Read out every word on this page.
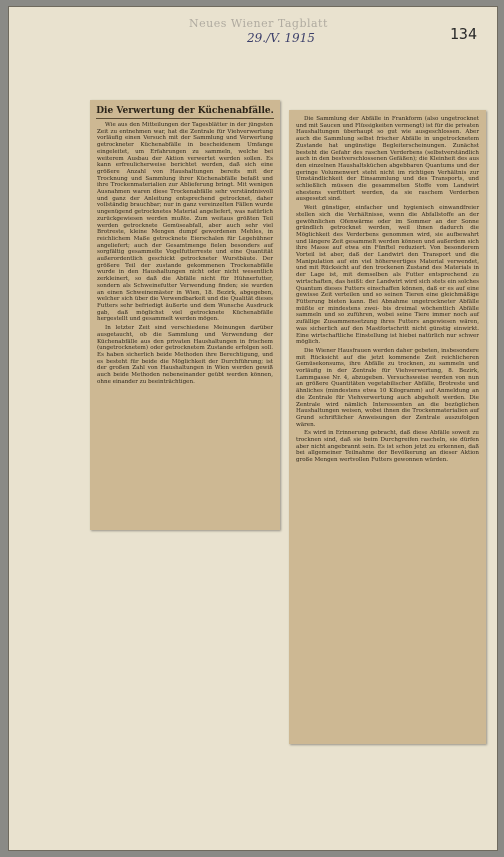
Neues Wiener Tagblatt
29./V. 1915	134
Die Verwertung der Küchenabfälle.

Wie aus den Mitteilungen der Tagesblätter in der jüngsten Zeit zu entnehmen war, hat die Zentrale für Viehverwertung vorläufig einen Versuch mit der Sammlung und Verwertung getrockneter Küchenabfälle in bescheidenem Umfange eingeleitet, um Erfahrungen zu sammeln, welche bei weiterem Ausbau der Aktion verwertet werden sollen. Es kann erfreulicherweise berichtet werden, daß sich eine größere Anzahl von Haushaltungen bereits mit der Trocknung und Sammlung ihrer Küchenabfälle befaßt und ihre Trockenmaterialien zur Ablieferung bringt. Mit wenigen Ausnahmen waren diese Trockenabfälle sehr verständnisvoll und ganz der Anleitung entsprechend getrocknet, daher vollständig brauchbar; nur in ganz vereinzelten Fällen wurde ungenügend getrocknetes Material angeliefert, was natürlich zurückgewiesen werden mußte. Zum weitaus größten Teil werden getrocknete Gemüseabfall, aber auch sehr viel Brotreste, kleine Mengen dumpf gewordenen Mehles, in reichlichem Maße getrocknete Eierschalen für Legehühner angeliefert; auch der Gesamtmenge fielen besonders auf sorgfältig gesammelte Vogelfutterreste und eine Quantität außerordentlich geschickt getrockneter Wurstbäute. Der größere Teil der zustande gekommenen Trockenabfälle wurde in den Haushaltungen nicht oder nicht wesentlich zerkleinert, so daß die Abfälle nicht für Hühnerfutter, sondern als Schweinefutter Verwendung finden; sie wurden an einen Schweinemäster in Wien, 18. Bezirk, abgegeben, welcher sich über die Verwendbarkeit und die Qualität dieses Futters sehr befriedigt äußerte und dem Wunsche Ausdruck gab, daß möglichst viel getrocknete Küchenabfälle hergestellt und gesammelt werden mögen.

In letzter Zeit sind verschiedene Meinungen darüber ausgetaucht, ob die Sammlung und Verwendung der Küchenabfälle aus den privaten Haushaltungen in frischem (ungetrocknetem) oder getrocknetem Zustande erfolgen soll. Es haben sicherlich beide Methoden ihre Berechtigung, und es besteht für beide die Möglichkeit der Durchführung; ist der großen Zahl von Haushaltungen in Wien werden gewiß auch beide Methoden nebeneinander geübt werden können, ohne einander zu beeinträchtigen.

Die Sammlung der Abfälle in Frankform (also ungetrocknet und mit Saucen und Flüssigkeiten vermengt) ist für die privaten Haushaltungen überhaupt so gut wie ausgeschlossen. Aber auch die Sammlung selbst frischer Abfälle in ungetrocknetem Zustande hat ungünstige Begleiterscheinungen. Zunächst besteht die Gefahr des raschen Verderbens (selbstverständlich auch in den bestverschlossenen Gefäßen); die Kleinheit des aus den einzelnen Haushaltsküchen abgebbaren Quantums und der geringe Volumenwert steht nicht im richtigen Verhältnis zur Umständlichkeit der Einsammlung und des Transports, und schließlich müssen die gesammelten Stoffe vom Landwirt ehestens verfüttert werden, da sie raschem Verderben ausgesetzt sind.

Weit günstiger, einfacher und hygienisch einwandfreier stellen sich die Verhältnisse, wenn die Abfallstoffe an der gewöhnlichen Ofenwärme oder im Sommer an der Sonne gründlich getrocknet werden, weil ihnen dadurch die Möglichkeit des Verderbens genommen wird, sie aufbewahrt und längere Zeit gesammelt werden können und außerdem sich ihre Masse auf etwa ein Fünftel reduziert. Von besonderem Vorteil ist aber, daß der Landwirt den Transport und die Manipulation auf ein viel höherwertiges Material verwendet, und mit Rücksicht auf den trockenen Zustand des Materials in der Lage ist, mit demselben als Futter entsprechend zu wirtschaften, das heißt: der Landwirt wird sich stets ein solches Quantum dieses Futters einschaffen können, daß er es auf eine gewisse Zeit verteilen und so seinen Tieren eine gleichmäßige Fütterung bieten kann. Bei Abnahme ungetrockneter Abfälle müßte er mindestens zwei- bis dreimal wöchentlich Abfälle sammeln und so zuführen, wobei seine Tiere immer noch auf zufällige Zusammensetzung ihres Futters angewiesen wären, was sicherlich auf den Mastfortschritt nicht günstig einwirkt. Eine wirtschaftliche Einstellung ist hiebei natürlich nur schwer möglich.

Die Wiener Hausfrauen werden daher gebeten, insbesondere mit Rücksicht auf die jetzt kommende Zeit reichlicheren Gemüsekonsums, ihre Abfälle zu trocknen, zu sammeln und vorläufig in der Zentrale für Viehverwertung, 8. Bezirk, Lammgasse Nr. 4, abzugeben. Versuchsweise werden von nun an größere Quantitäten vegetabilischer Abfälle, Brotreste und ähnliches (mindestens etwa 10 Kilogramm) auf Anmeldung an die Zentrale für Viehverwertung auch abgeholt werden. Die Zentrale wird nämlich Interessenten an die bezüglichen Haushaltungen weisen, wobei ihnen die Trockenmaterialien auf Grund schriftlicher Anweisungen der Zentrale auszufolgen wären.

Es wird in Erinnerung gebracht, daß diese Abfälle soweit zu trocknen sind, daß sie beim Durchgreifen rascheln, sie dürfen aber nicht angebrannt sein. Es ist schon jetzt zu erkennen, daß bei allgemeiner Teilnahme der Bevölkerung an dieser Aktion große Mengen wertvollen Futters gewonnen würden.
